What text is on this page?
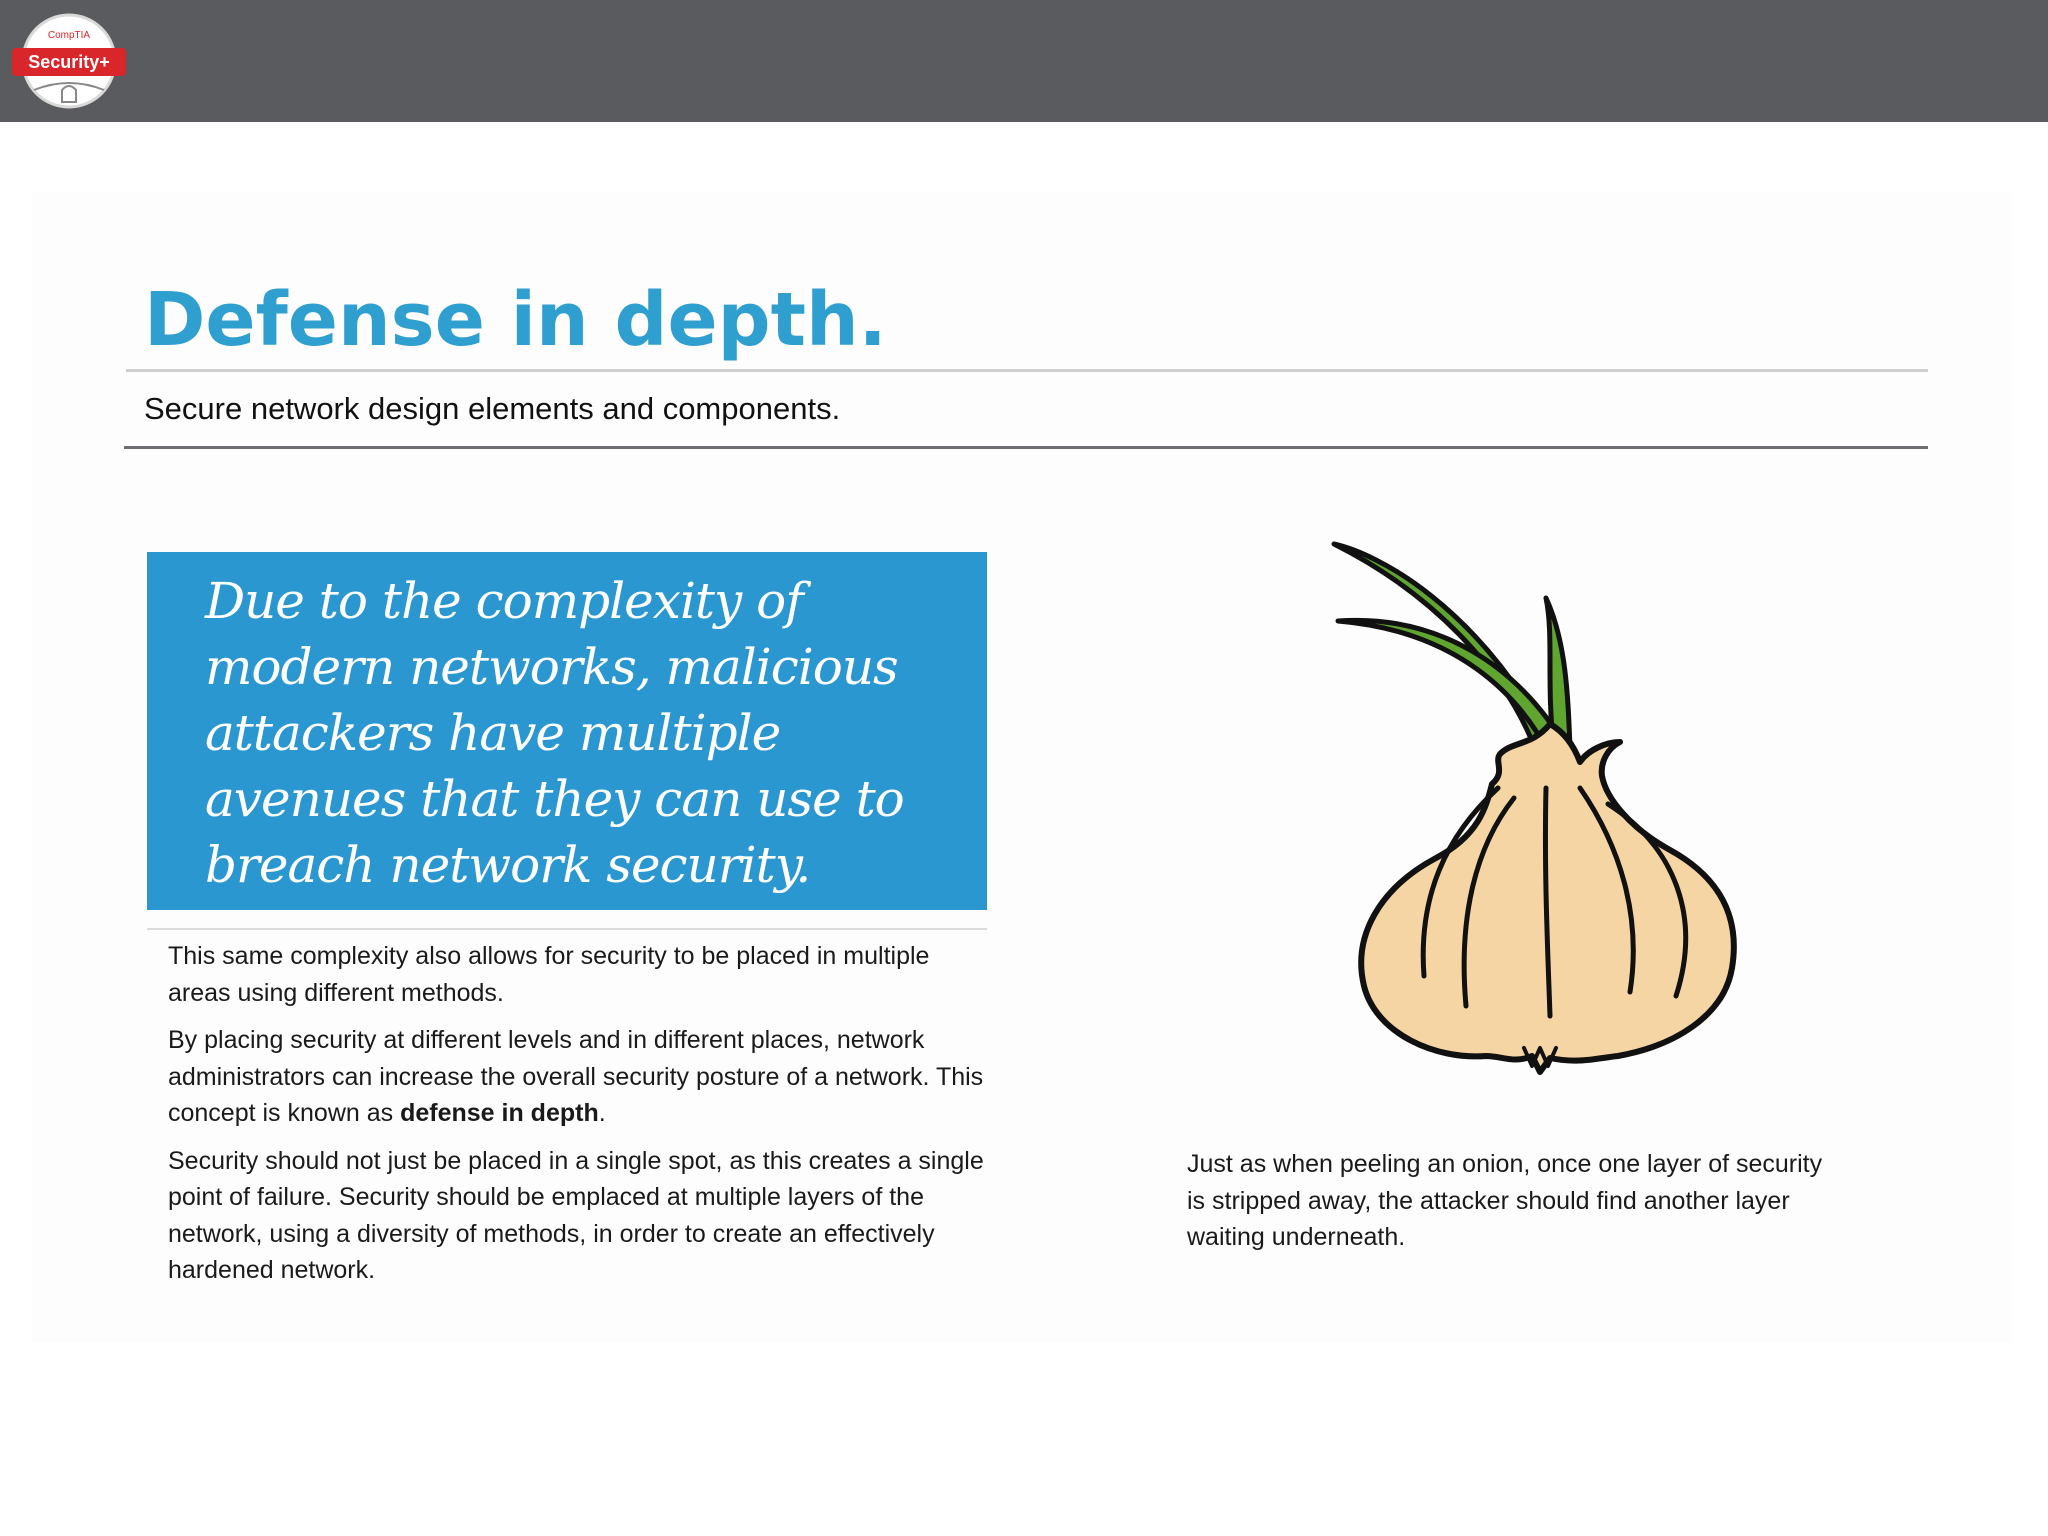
CompTIA
Security+
Defense in depth.
Secure network design elements and components.

Due to the complexity of modern networks, malicious attackers have multiple avenues that they can use to breach network security.

This same complexity also allows for security to be placed in multiple areas using different methods.

By placing security at different levels and in different places, network administrators can increase the overall security posture of a network. This concept is known as defense in depth.

Security should not just be placed in a single spot, as this creates a single point of failure. Security should be emplaced at multiple layers of the network, using a diversity of methods, in order to create an effectively hardened network.

Just as when peeling an onion, once one layer of security is stripped away, the attacker should find another layer waiting underneath.
